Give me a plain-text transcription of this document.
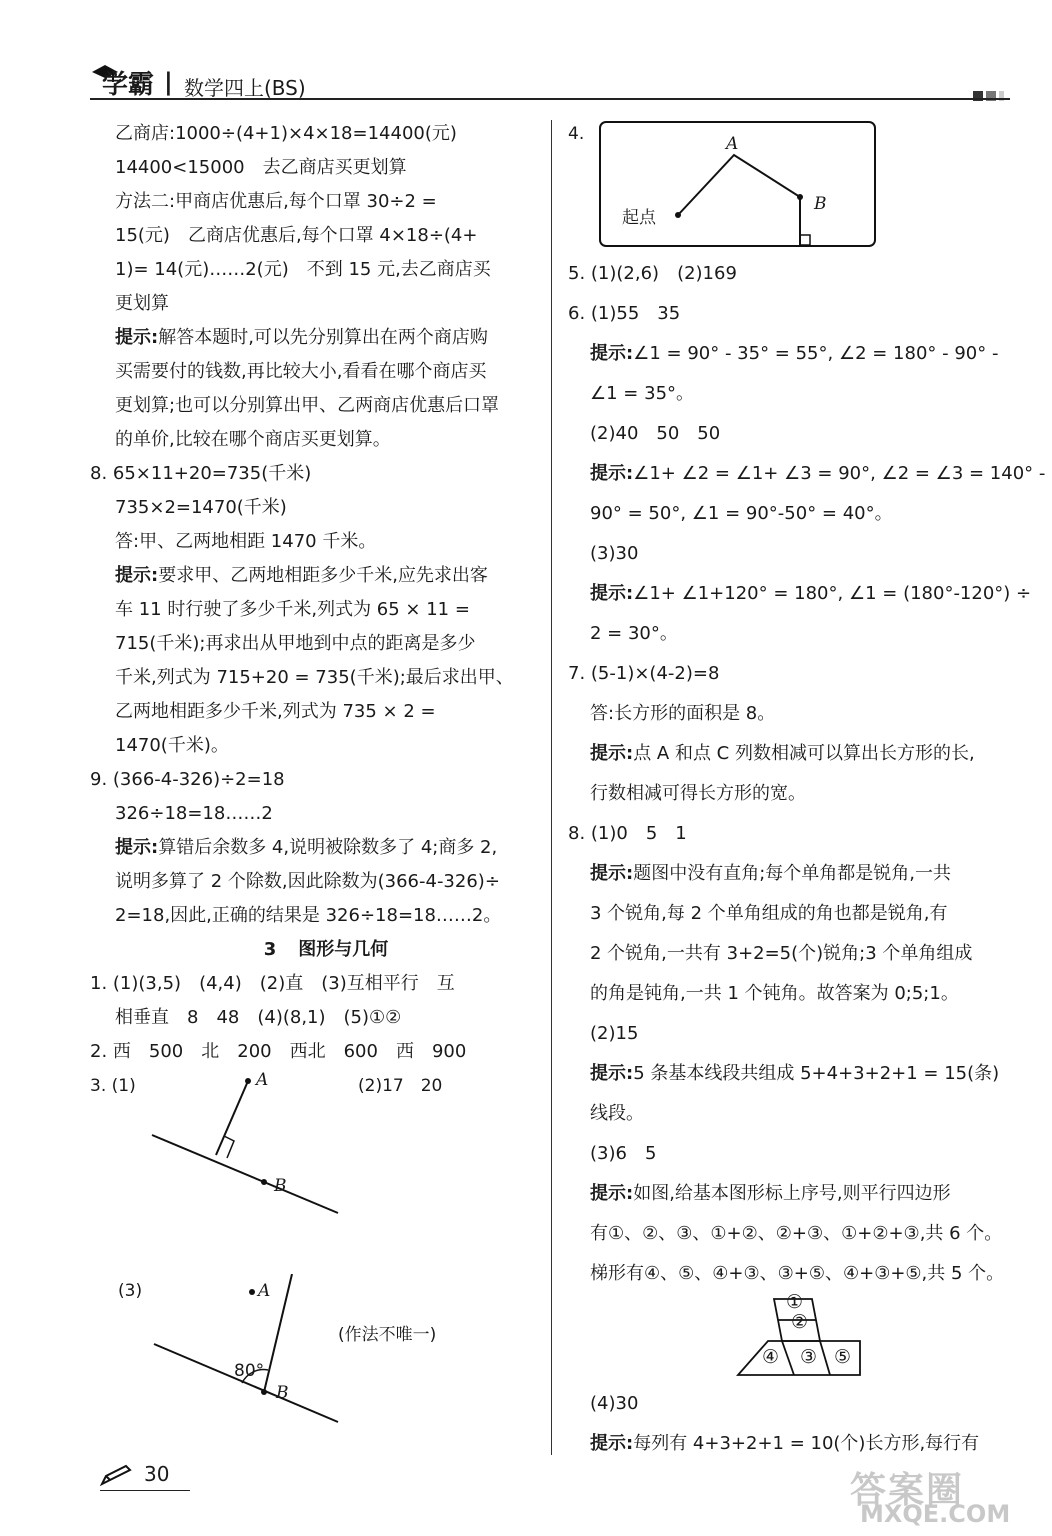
学霸 | 数学四上(BS)
乙商店:1000÷(4+1)×4×18=14400(元)
14400<15000　去乙商店买更划算
方法二:甲商店优惠后,每个口罩 30÷2 =
15(元)　乙商店优惠后,每个口罩 4×18÷(4+
1)= 14(元)……2(元)　不到 15 元,去乙商店买
更划算
提示:解答本题时,可以先分别算出在两个商店购
买需要付的钱数,再比较大小,看看在哪个商店买
更划算;也可以分别算出甲、乙两商店优惠后口罩
的单价,比较在哪个商店买更划算。
8. 65×11+20=735(千米)
735×2=1470(千米)
答:甲、乙两地相距 1470 千米。
提示:要求甲、乙两地相距多少千米,应先求出客
车 11 时行驶了多少千米,列式为 65 × 11 =
715(千米);再求出从甲地到中点的距离是多少
千米,列式为 715+20 = 735(千米);最后求出甲、
乙两地相距多少千米,列式为 735 × 2 =
1470(千米)。
9. (366-4-326)÷2=18
326÷18=18……2
提示:算错后余数多 4,说明被除数多了 4;商多 2,
说明多算了 2 个除数,因此除数为(366-4-326)÷
2=18,因此,正确的结果是 326÷18=18……2。
3 图形与几何
1. (1)(3,5)　(4,4)　(2)直　(3)互相平行　互
相垂直　8　48　(4)(8,1)　(5)①②
2. 西　500　北　200　西北　600　西　900
3. (1)	(2)17　20
A
B
(3)	A
B
80°
(作法不唯一)
4.
起点
A
B
5. (1)(2,6)　(2)169
6. (1)55　35
提示:∠1 = 90° - 35° = 55°, ∠2 = 180° - 90° -
∠1 = 35°。
(2)40　50　50
提示:∠1+ ∠2 = ∠1+ ∠3 = 90°, ∠2 = ∠3 = 140° -
90° = 50°, ∠1 = 90°-50° = 40°。
(3)30
提示:∠1+ ∠1+120° = 180°, ∠1 = (180°-120°) ÷
2 = 30°。
7. (5-1)×(4-2)=8
答:长方形的面积是 8。
提示:点 A 和点 C 列数相减可以算出长方形的长,
行数相减可得长方形的宽。
8. (1)0　5　1
提示:题图中没有直角;每个单角都是锐角,一共
3 个锐角,每 2 个单角组成的角也都是锐角,有
2 个锐角,一共有 3+2=5(个)锐角;3 个单角组成
的角是钝角,一共 1 个钝角。故答案为 0;5;1。
(2)15
提示:5 条基本线段共组成 5+4+3+2+1 = 15(条)
线段。
(3)6　5
提示:如图,给基本图形标上序号,则平行四边形
有①、②、③、①+②、②+③、①+②+③,共 6 个。
梯形有④、⑤、④+③、③+⑤、④+③+⑤,共 5 个。
①
②
④ ③ ⑤
(4)30
提示:每列有 4+3+2+1 = 10(个)长方形,每行有
30	答案圈
MXQE.COM
